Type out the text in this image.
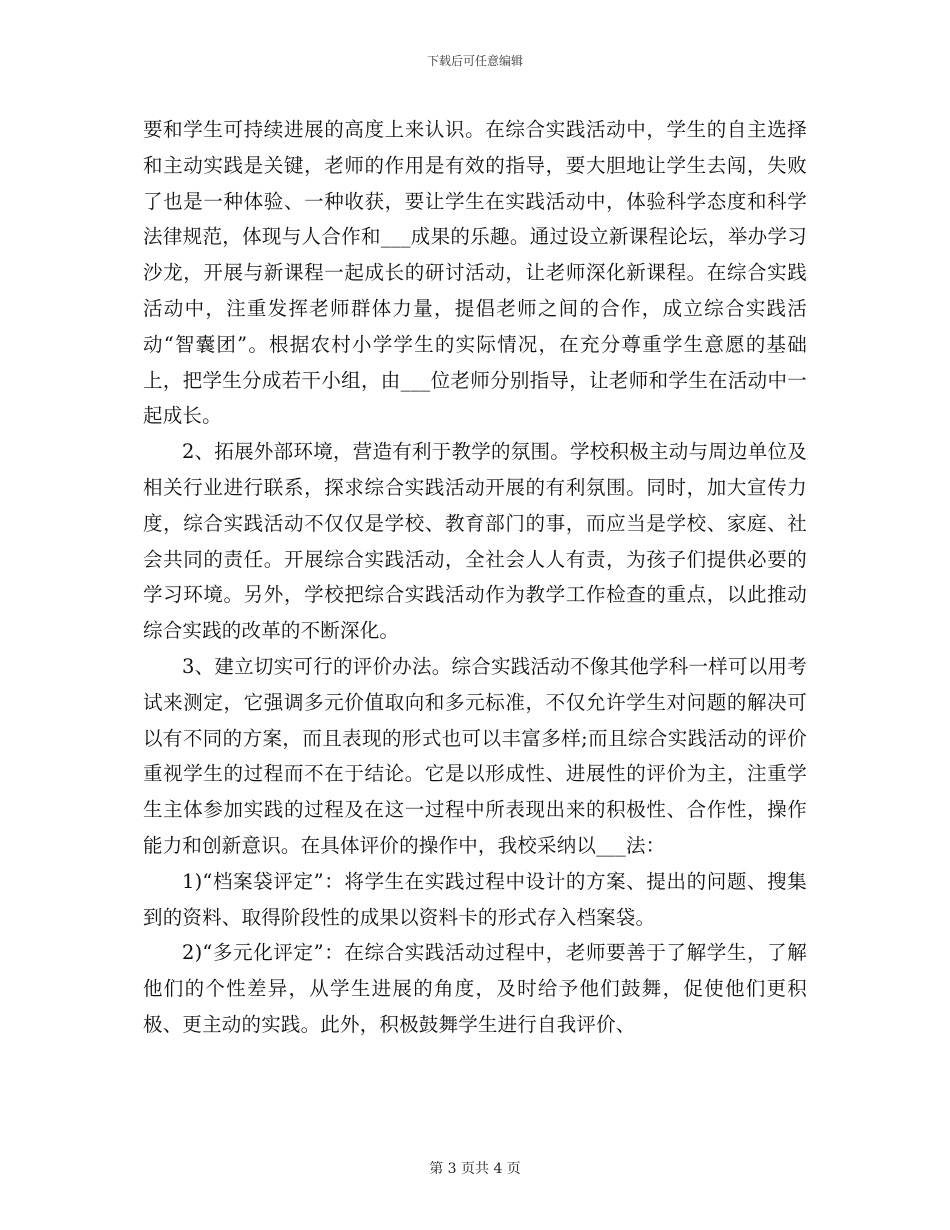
下载后可任意编辑

要和学生可持续进展的高度上来认识。在综合实践活动中，学生的自主选择和主动实践是关键，老师的作用是有效的指导，要大胆地让学生去闯，失败了也是一种体验、一种收获，要让学生在实践活动中，体验科学态度和科学法律规范，体现与人合作和___成果的乐趣。通过设立新课程论坛，举办学习沙龙，开展与新课程一起成长的研讨活动，让老师深化新课程。在综合实践活动中，注重发挥老师群体力量，提倡老师之间的合作，成立综合实践活动“智囊团”。根据农村小学学生的实际情况，在充分尊重学生意愿的基础上，把学生分成若干小组，由___位老师分别指导，让老师和学生在活动中一起成长。

2、拓展外部环境，营造有利于教学的氛围。学校积极主动与周边单位及相关行业进行联系，探求综合实践活动开展的有利氛围。同时，加大宣传力度，综合实践活动不仅仅是学校、教育部门的事，而应当是学校、家庭、社会共同的责任。开展综合实践活动，全社会人人有责，为孩子们提供必要的学习环境。另外，学校把综合实践活动作为教学工作检查的重点，以此推动综合实践的改革的不断深化。

3、建立切实可行的评价办法。综合实践活动不像其他学科一样可以用考试来测定，它强调多元价值取向和多元标准，不仅允许学生对问题的解决可以有不同的方案，而且表现的形式也可以丰富多样;而且综合实践活动的评价重视学生的过程而不在于结论。它是以形成性、进展性的评价为主，注重学生主体参加实践的过程及在这一过程中所表现出来的积极性、合作性，操作能力和创新意识。在具体评价的操作中，我校采纳以___法：

1)“档案袋评定”：将学生在实践过程中设计的方案、提出的问题、搜集到的资料、取得阶段性的成果以资料卡的形式存入档案袋。

2)“多元化评定”：在综合实践活动过程中，老师要善于了解学生，了解他们的个性差异，从学生进展的角度，及时给予他们鼓舞，促使他们更积极、更主动的实践。此外，积极鼓舞学生进行自我评价、

第 3 页共 4 页
